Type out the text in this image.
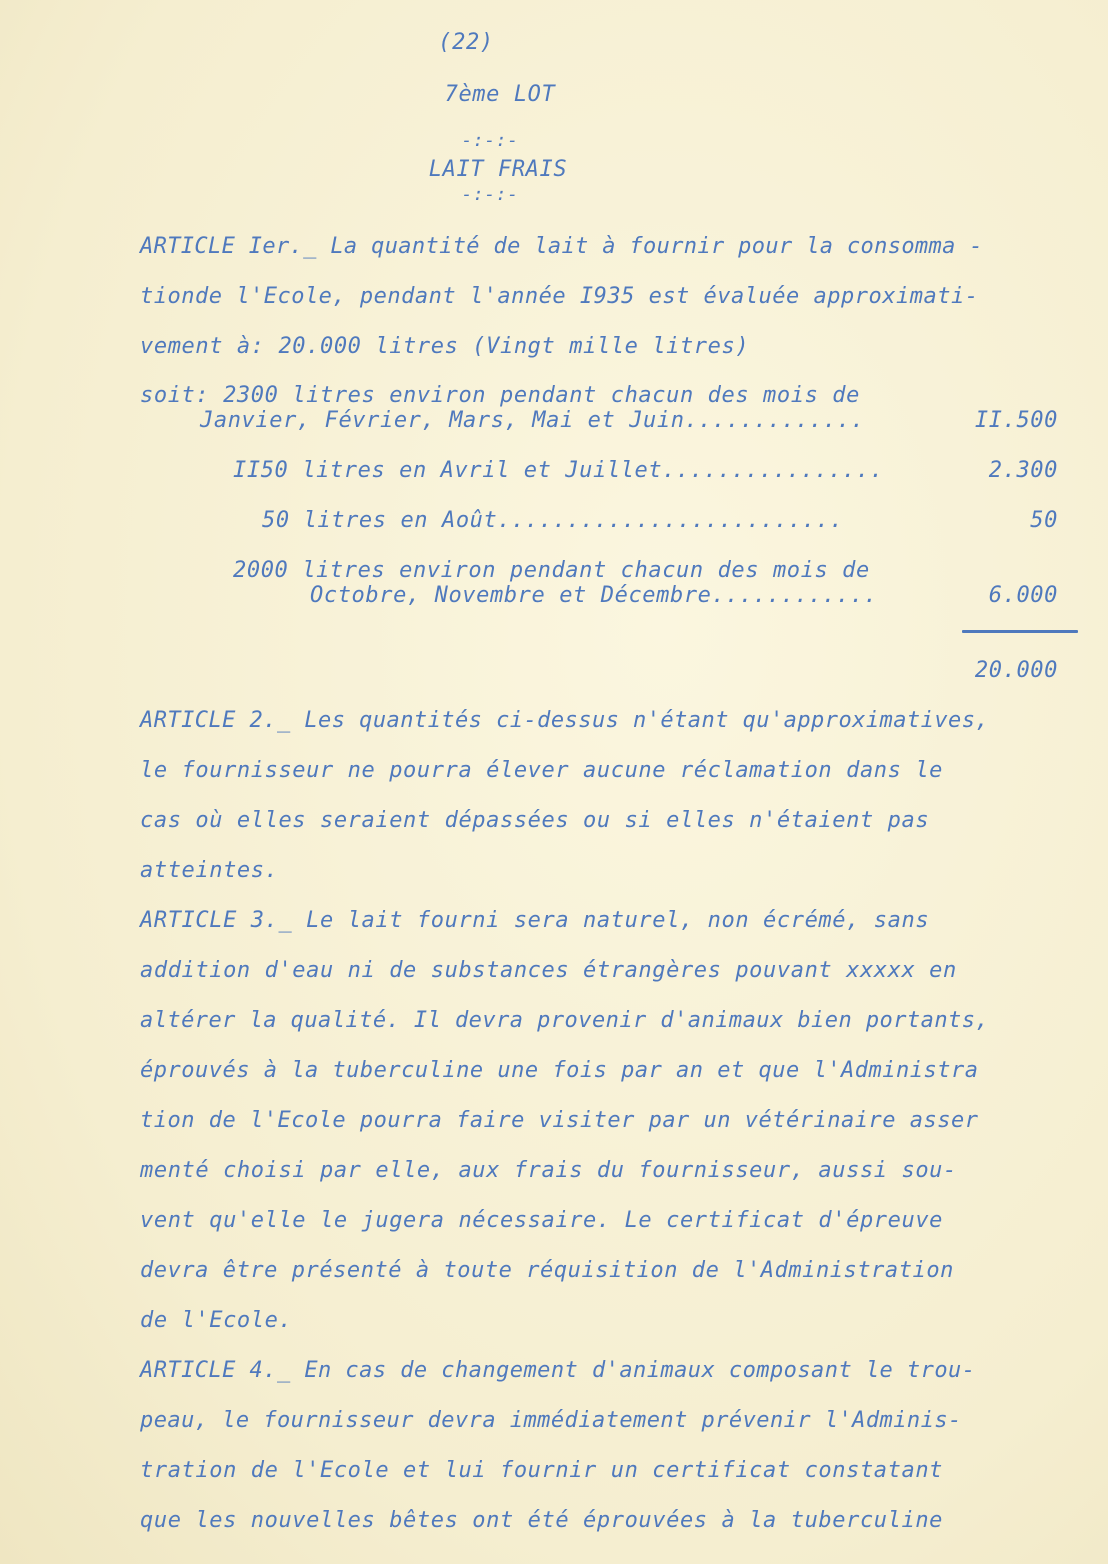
(22)

7ème LOT

-:-:-

LAIT FRAIS

-:-:-

ARTICLE Ier._ La quantité de lait à fournir pour la consomma -

tionde l'Ecole, pendant l'année I935 est évaluée approximati-

vement à: 20.000 litres (Vingt mille litres)

soit: 2300 litres environ pendant chacun des mois de

Janvier, Février, Mars, Mai et Juin.............	II.500

II50 litres en Avril et Juillet................	2.300

50 litres en Août.........................	50

2000 litres environ pendant chacun des mois de

Octobre, Novembre et Décembre............	6.000

20.000

ARTICLE 2._ Les quantités ci-dessus n'étant qu'approximatives,

le fournisseur ne pourra élever aucune réclamation dans le

cas où elles seraient dépassées ou si elles n'étaient pas

atteintes.

ARTICLE 3._ Le lait fourni sera naturel, non écrémé, sans

addition d'eau ni de substances étrangères pouvant xxxxx en

altérer la qualité. Il devra provenir d'animaux bien portants,

éprouvés à la tuberculine une fois par an et que l'Administra

tion de l'Ecole pourra faire visiter par un vétérinaire asser

menté choisi par elle, aux frais du fournisseur, aussi sou-

vent qu'elle le jugera nécessaire. Le certificat d'épreuve

devra être présenté à toute réquisition de l'Administration

de l'Ecole.

ARTICLE 4._ En cas de changement d'animaux composant le trou-

peau, le fournisseur devra immédiatement prévenir l'Adminis-

tration de l'Ecole et lui fournir un certificat constatant

que les nouvelles bêtes ont été éprouvées à la tuberculine
